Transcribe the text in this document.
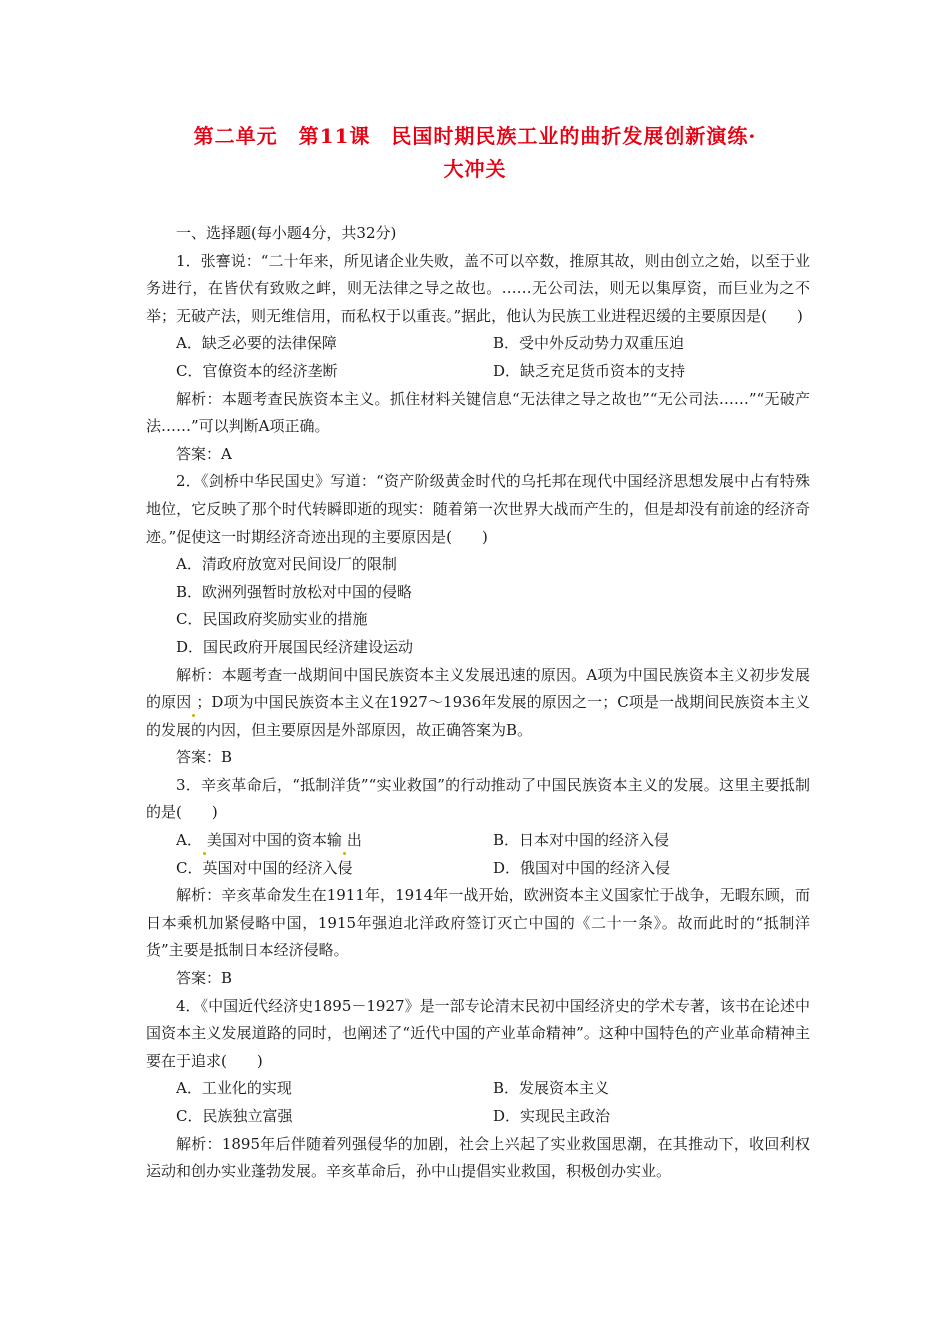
第二单元　第11课　民国时期民族工业的曲折发展创新演练·
大冲关

一、选择题(每小题4分，共32分)

1．张謇说：“二十年来，所见诸企业失败，盖不可以卒数，推原其故，则由创立之始，以至于业务进行，在皆伏有致败之衅，则无法律之导之故也。……无公司法，则无以集厚资，而巨业为之不举；无破产法，则无维信用，而私权于以重丧。”据此，他认为民族工业进程迟缓的主要原因是(　　)

A．缺乏必要的法律保障	B．受中外反动势力双重压迫
C．官僚资本的经济垄断	D．缺乏充足货币资本的支持

解析：本题考查民族资本主义。抓住材料关键信息“无法律之导之故也”“无公司法……”“无破产法……”可以判断A项正确。

答案：A

2．《剑桥中华民国史》写道：“资产阶级黄金时代的乌托邦在现代中国经济思想发展中占有特殊地位，它反映了那个时代转瞬即逝的现实：随着第一次世界大战而产生的，但是却没有前途的经济奇迹。”促使这一时期经济奇迹出现的主要原因是(　　)

A．清政府放宽对民间设厂的限制

B．欧洲列强暂时放松对中国的侵略

C．民国政府奖励实业的措施

D．国民政府开展国民经济建设运动

解析：本题考查一战期间中国民族资本主义发展迅速的原因。A项为中国民族资本主义初步发展的原因 ；D项为中国民族资本主义在1927～1936年发展的原因之一；C项是一战期间民族资本主义的发展的内因，但主要原因是外部原因，故正确答案为B。

答案：B

3．辛亥革命后，“抵制洋货”“实业救国”的行动推动了中国民族资本主义的发展。这里主要抵制的是(　　)

A． 美国对中国的资本输 出	B．日本对中国的经济入侵
C．英国对中国的经济入侵	D．俄国对中国的经济入侵

解析：辛亥革命发生在1911年，1914年一战开始，欧洲资本主义国家忙于战争，无暇东顾，而日本乘机加紧侵略中国，1915年强迫北洋政府签订灭亡中国的《二十一条》。故而此时的“抵制洋货”主要是抵制日本经济侵略。

答案：B

4．《中国近代经济史1895－1927》是一部专论清末民初中国经济史的学术专著，该书在论述中国资本主义发展道路的同时，也阐述了“近代中国的产业革命精神”。这种中国特色的产业革命精神主要在于追求(　　)

A．工业化的实现	B．发展资本主义
C．民族独立富强	D．实现民主政治

解析：1895年后伴随着列强侵华的加剧，社会上兴起了实业救国思潮，在其推动下，收回利权运动和创办实业蓬勃发展。辛亥革命后，孙中山提倡实业救国，积极创办实业。
